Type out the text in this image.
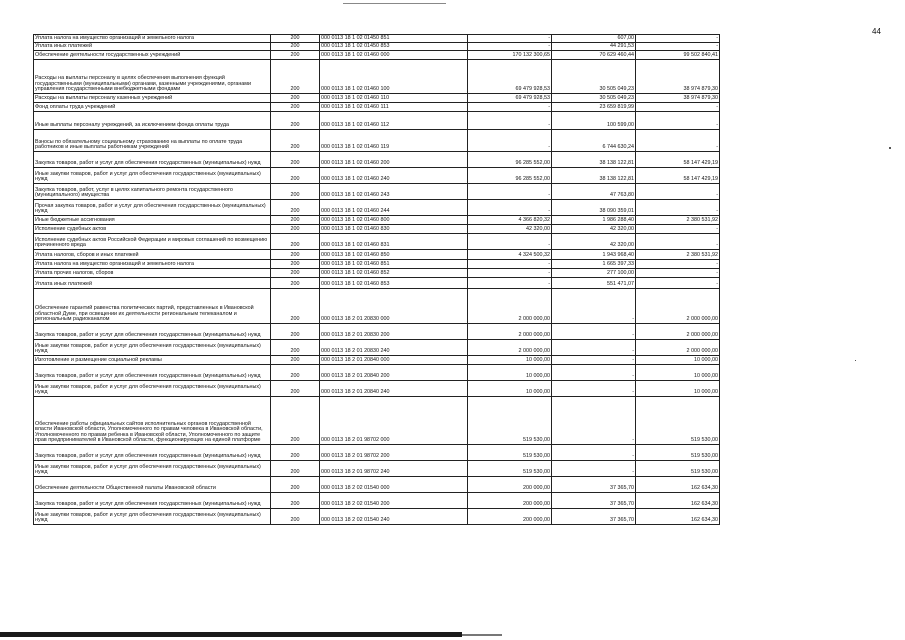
44
Уплата налога на имущество организаций и земельного налога	200	000 0113 18 1 02 01450 851	-	607,00	-
Уплата иных платежей	200	000 0113 18 1 02 01450 853	-	44 291,53	-
Обеспечение деятельности государственных учреждений	200	000 0113 18 1 02 01460 000	170 132 300,65	70 629 460,44	99 502 840,41
Расходы на выплаты персоналу в целях обеспечения выполнения функций государственными (муниципальными) органами, казенными учреждениями, органами управления государственными внебюджетными фондами	200	000 0113 18 1 02 01460 100	69 479 928,53	30 505 049,23	38 974 879,30
Расходы на выплаты персоналу казенных учреждений	200	000 0113 18 1 02 01460 110	69 479 928,53	30 505 049,23	38 974 879,30
Фонд оплаты труда учреждений	200	000 0113 18 1 02 01460 111	-	23 659 819,99	-
Иные выплаты персоналу учреждений, за исключением фонда оплаты труда	200	000 0113 18 1 02 01460 112	-	100 599,00	-
Взносы по обязательному социальному страхованию на выплаты по оплате труда работников и иные выплаты работникам учреждений	200	000 0113 18 1 02 01460 119	-	6 744 630,24	-
Закупка товаров, работ и услуг для обеспечения государственных (муниципальных) нужд	200	000 0113 18 1 02 01460 200	96 285 552,00	38 138 122,81	58 147 429,19
Иные закупки товаров, работ и услуг для обеспечения государственных (муниципальных) нужд	200	000 0113 18 1 02 01460 240	96 285 552,00	38 138 122,81	58 147 429,19
Закупка товаров, работ, услуг в целях капитального ремонта государственного (муниципального) имущества	200	000 0113 18 1 02 01460 243	-	47 763,80	-
Прочая закупка товаров, работ и услуг для обеспечения государственных (муниципальных) нужд	200	000 0113 18 1 02 01460 244	-	38 090 359,01	-
Иные бюджетные ассигнования	200	000 0113 18 1 02 01460 800	4 366 820,32	1 986 288,40	2 380 531,92
Исполнение судебных актов	200	000 0113 18 1 02 01460 830	42 320,00	42 320,00	-
Исполнение судебных актов Российской Федерации и мировых соглашений по возмещению причиненного вреда	200	000 0113 18 1 02 01460 831	-	42 320,00	-
Уплата налогов, сборов и иных платежей	200	000 0113 18 1 02 01460 850	4 324 500,32	1 943 968,40	2 380 531,92
Уплата налога на имущество организаций и земельного налога	200	000 0113 18 1 02 01460 851	-	1 665 397,33	-
Уплата прочих налогов, сборов	200	000 0113 18 1 02 01460 852	-	277 100,00	-
Уплата иных платежей	200	000 0113 18 1 02 01460 853	-	551 471,07	-
Обеспечение гарантий равенства политических партий, представленных в Ивановской областной Думе, при освещении их деятельности региональным телеканалом и региональным радиоканалом	200	000 0113 18 2 01 20830 000	2 000 000,00	-	2 000 000,00
Закупка товаров, работ и услуг для обеспечения государственных (муниципальных) нужд	200	000 0113 18 2 01 20830 200	2 000 000,00	-	2 000 000,00
Иные закупки товаров, работ и услуг для обеспечения государственных (муниципальных) нужд	200	000 0113 18 2 01 20830 240	2 000 000,00	-	2 000 000,00
Изготовление и размещение социальной рекламы	200	000 0113 18 2 01 20840 000	10 000,00	-	10 000,00
Закупка товаров, работ и услуг для обеспечения государственных (муниципальных) нужд	200	000 0113 18 2 01 20840 200	10 000,00	-	10 000,00
Иные закупки товаров, работ и услуг для обеспечения государственных (муниципальных) нужд	200	000 0113 18 2 01 20840 240	10 000,00	-	10 000,00
Обеспечение работы официальных сайтов исполнительных органов государственной власти Ивановской области, Уполномоченного по правам человека в Ивановской области, Уполномоченного по правам ребенка в Ивановской области, Уполномоченного по защите прав предпринимателей в Ивановской области, функционирующих на единой платформе	200	000 0113 18 2 01 98702 000	519 530,00	-	519 530,00
Закупка товаров, работ и услуг для обеспечения государственных (муниципальных) нужд	200	000 0113 18 2 01 98702 200	519 530,00	-	519 530,00
Иные закупки товаров, работ и услуг для обеспечения государственных (муниципальных) нужд	200	000 0113 18 2 01 98702 240	519 530,00	-	519 530,00
Обеспечение деятельности Общественной палаты Ивановской области	200	000 0113 18 2 02 01540 000	200 000,00	37 365,70	162 634,30
Закупка товаров, работ и услуг для обеспечения государственных (муниципальных) нужд	200	000 0113 18 2 02 01540 200	200 000,00	37 365,70	162 634,30
Иные закупки товаров, работ и услуг для обеспечения государственных (муниципальных) нужд	200	000 0113 18 2 02 01540 240	200 000,00	37 365,70	162 634,30
